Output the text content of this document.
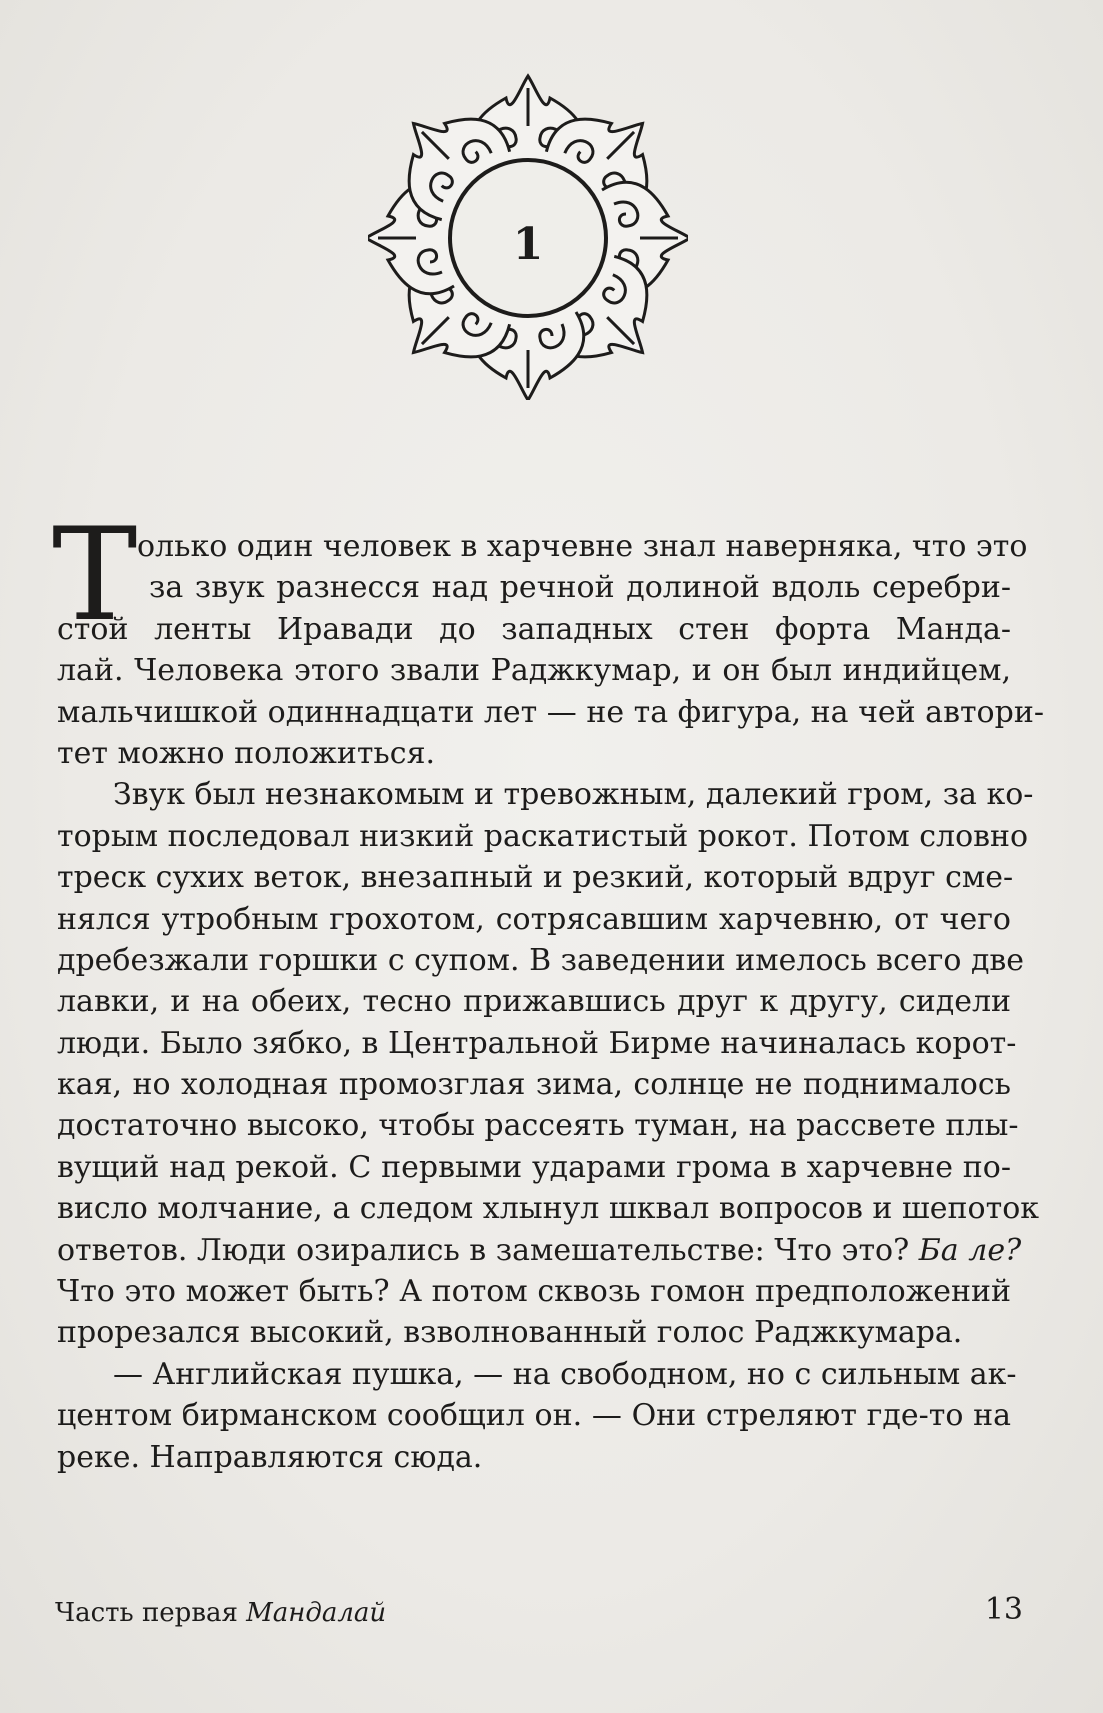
1
Т олько один человек в харчевне знал наверняка, что это
за звук разнесся над речной долиной вдоль серебри-
стой ленты Иравади до западных стен форта Манда-
лай. Человека этого звали Раджкумар, и он был индийцем,
мальчишкой одиннадцати лет — не та фигура, на чей автори-
тет можно положиться.
Звук был незнакомым и тревожным, далекий гром, за ко-
торым последовал низкий раскатистый рокот. Потом словно
треск сухих веток, внезапный и резкий, который вдруг сме-
нялся утробным грохотом, сотрясавшим харчевню, от чего
дребезжали горшки с супом. В заведении имелось всего две
лавки, и на обеих, тесно прижавшись друг к другу, сидели
люди. Было зябко, в Центральной Бирме начиналась корот-
кая, но холодная промозглая зима, солнце не поднималось
достаточно высоко, чтобы рассеять туман, на рассвете плы-
вущий над рекой. С первыми ударами грома в харчевне по-
висло молчание, а следом хлынул шквал вопросов и шепоток
ответов. Люди озирались в замешательстве: Что это? Ба ле?
Что это может быть? А потом сквозь гомон предположений
прорезался высокий, взволнованный голос Раджкумара.
— Английская пушка, — на свободном, но с сильным ак-
центом бирманском сообщил он. — Они стреляют где-то на
реке. Направляются сюда.
Часть первая Мандалай	13
